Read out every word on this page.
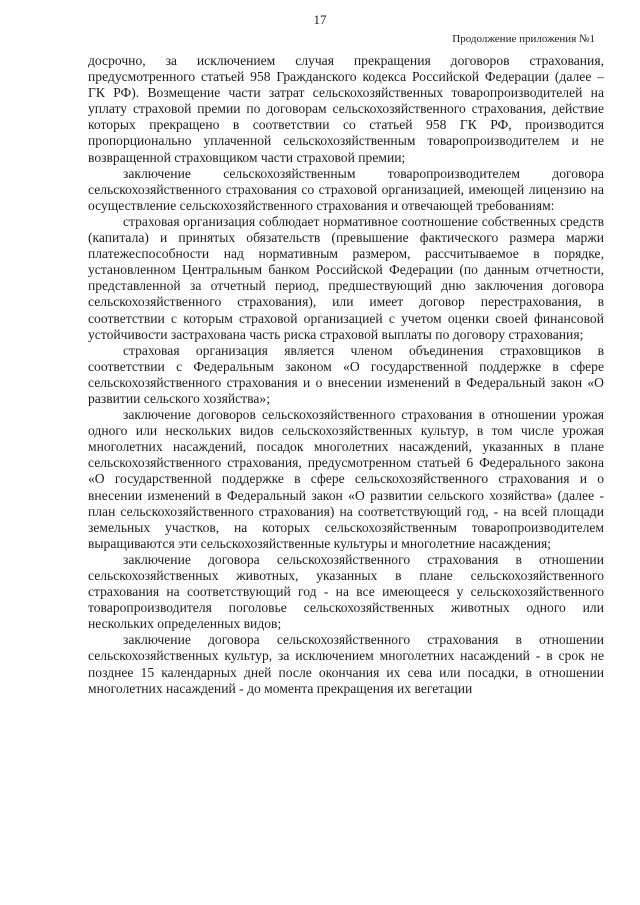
17

Продолжение приложения №1

досрочно, за исключением случая прекращения договоров страхования, предусмотренного статьей 958 Гражданского кодекса Российской Федерации (далее – ГК РФ). Возмещение части затрат сельскохозяйственных товаропроизводителей на уплату страховой премии по договорам сельскохозяйственного страхования, действие которых прекращено в соответствии со статьей 958 ГК РФ, производится пропорционально уплаченной сельскохозяйственным товаропроизводителем и не возвращенной страховщиком части страховой премии;

заключение сельскохозяйственным товаропроизводителем договора сельскохозяйственного страхования со страховой организацией, имеющей лицензию на осуществление сельскохозяйственного страхования и отвечающей требованиям:

страховая организация соблюдает нормативное соотношение собственных средств (капитала) и принятых обязательств (превышение фактического размера маржи платежеспособности над нормативным размером, рассчитываемое в порядке, установленном Центральным банком Российской Федерации (по данным отчетности, представленной за отчетный период, предшествующий дню заключения договора сельскохозяйственного страхования), или имеет договор перестрахования, в соответствии с которым страховой организацией с учетом оценки своей финансовой устойчивости застрахована часть риска страховой выплаты по договору страхования;

страховая организация является членом объединения страховщиков в соответствии с Федеральным законом «О государственной поддержке в сфере сельскохозяйственного страхования и о внесении изменений в Федеральный закон «О развитии сельского хозяйства»;

заключение договоров сельскохозяйственного страхования в отношении урожая одного или нескольких видов сельскохозяйственных культур, в том числе урожая многолетних насаждений, посадок многолетних насаждений, указанных в плане сельскохозяйственного страхования, предусмотренном статьей 6 Федерального закона «О государственной поддержке в сфере сельскохозяйственного страхования и о внесении изменений в Федеральный закон «О развитии сельского хозяйства» (далее - план сельскохозяйственного страхования) на соответствующий год, - на всей площади земельных участков, на которых сельскохозяйственным товаропроизводителем выращиваются эти сельскохозяйственные культуры и многолетние насаждения;

заключение договора сельскохозяйственного страхования в отношении сельскохозяйственных животных, указанных в плане сельскохозяйственного страхования на соответствующий год - на все имеющееся у сельскохозяйственного товаропроизводителя поголовье сельскохозяйственных животных одного или нескольких определенных видов;

заключение договора сельскохозяйственного страхования в отношении сельскохозяйственных культур, за исключением многолетних насаждений - в срок не позднее 15 календарных дней после окончания их сева или посадки, в отношении многолетних насаждений - до момента прекращения их вегетации
